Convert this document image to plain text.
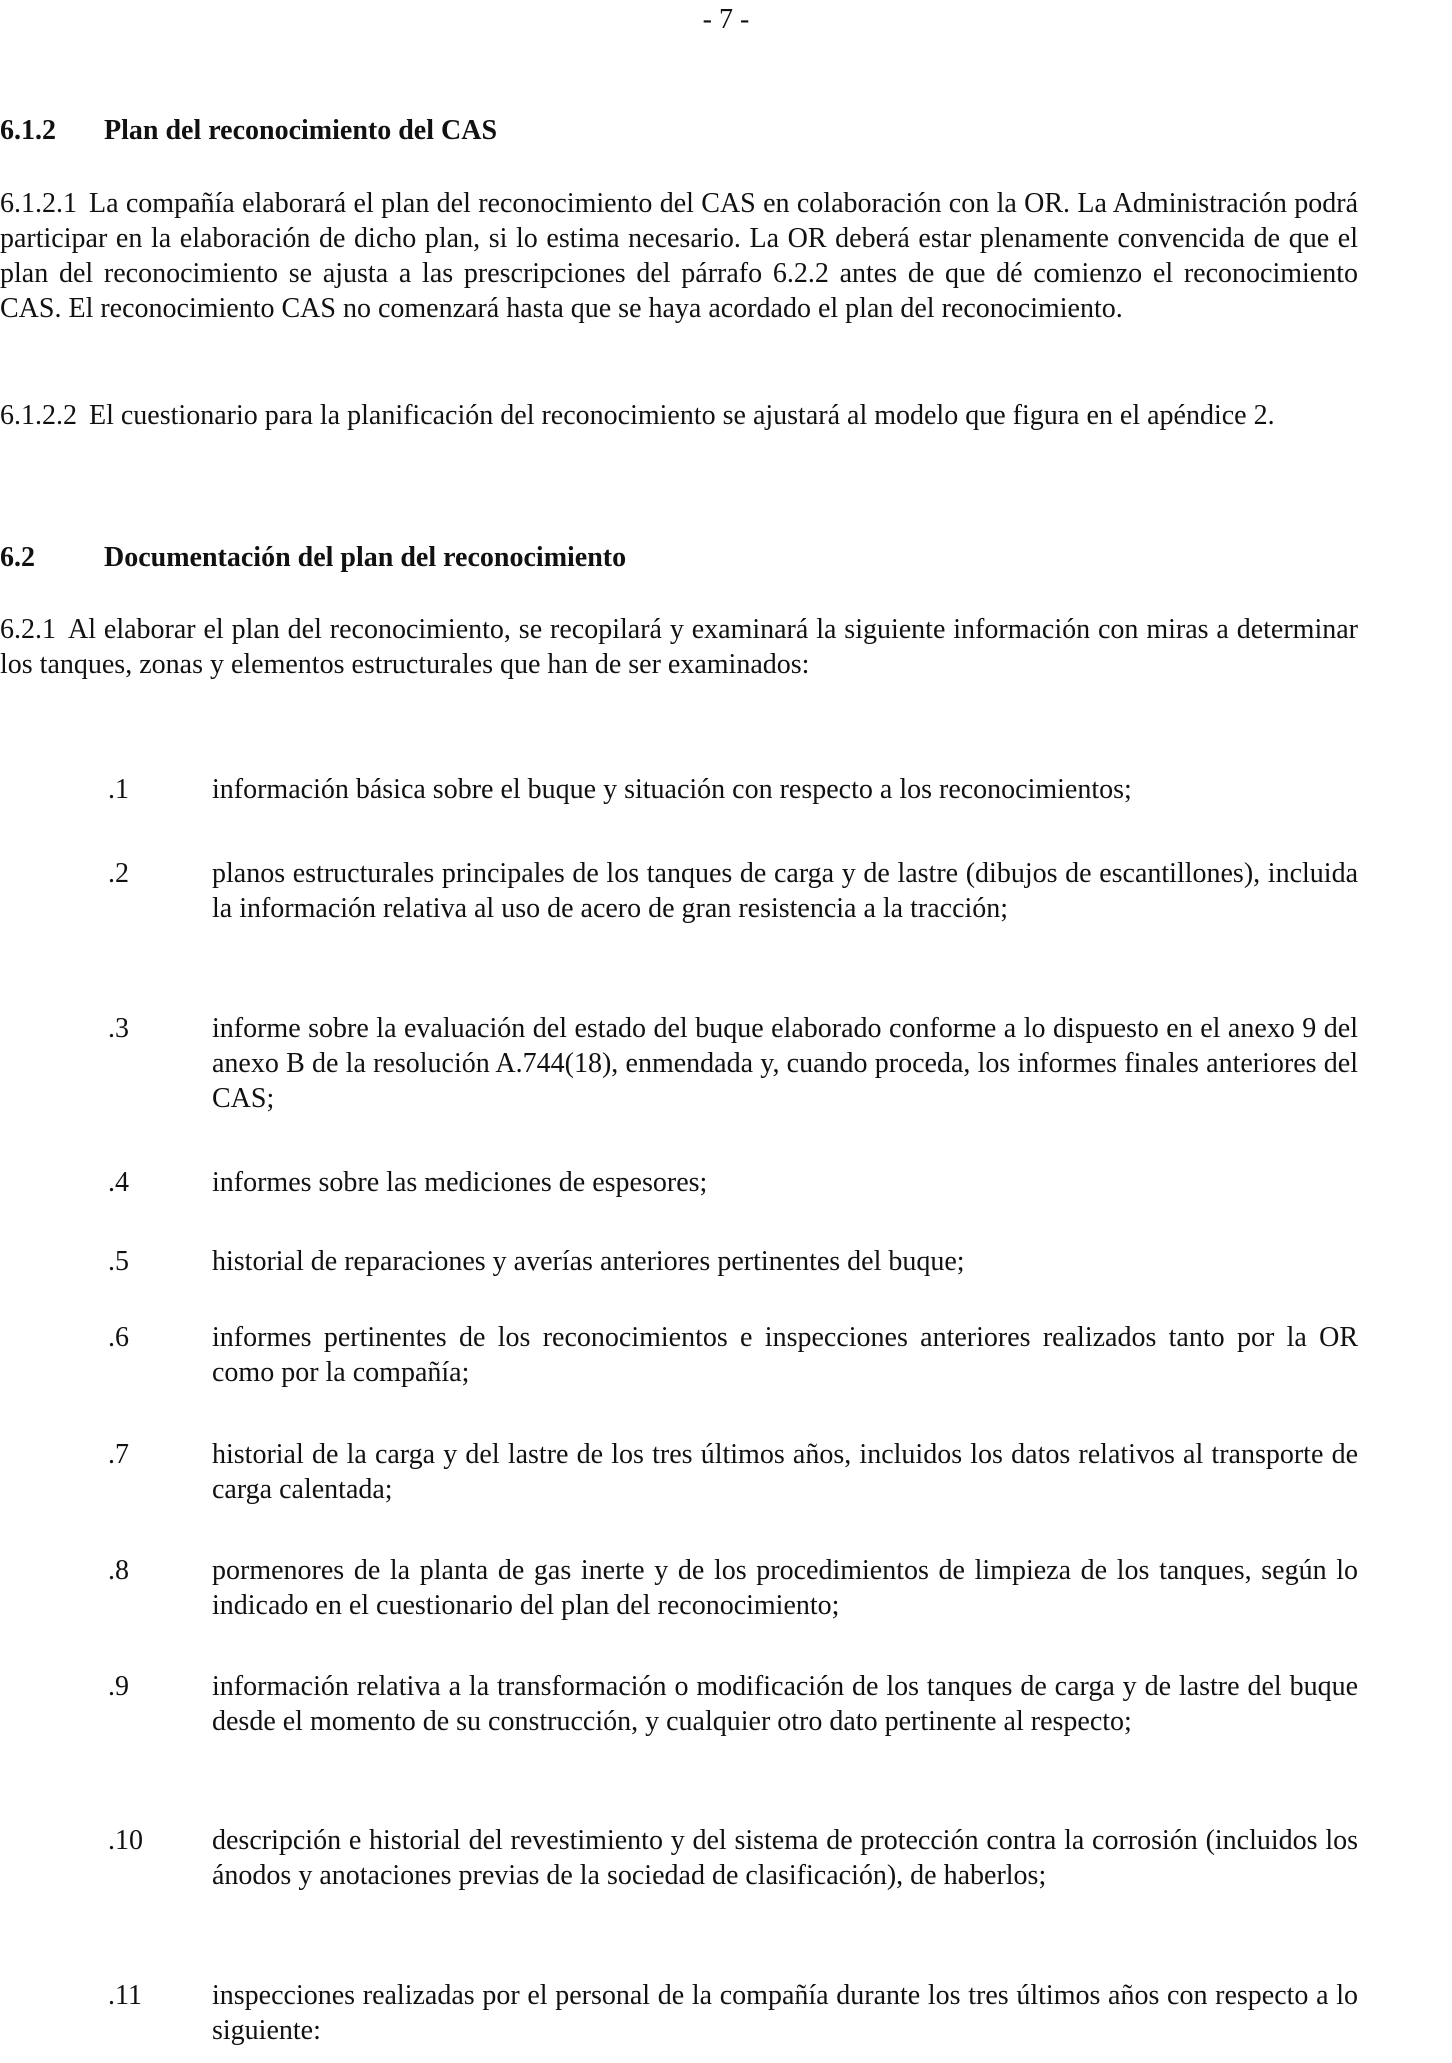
- 7 -
6.1.2 Plan del reconocimiento del CAS
6.1.2.1 La compañía elaborará el plan del reconocimiento del CAS en colaboración con la OR. La Administración podrá participar en la elaboración de dicho plan, si lo estima necesario. La OR deberá estar plenamente convencida de que el plan del reconocimiento se ajusta a las prescripciones del párrafo 6.2.2 antes de que dé comienzo el reconocimiento CAS. El reconocimiento CAS no comenzará hasta que se haya acordado el plan del reconocimiento.
6.1.2.2 El cuestionario para la planificación del reconocimiento se ajustará al modelo que figura en el apéndice 2.
6.2 Documentación del plan del reconocimiento
6.2.1 Al elaborar el plan del reconocimiento, se recopilará y examinará la siguiente información con miras a determinar los tanques, zonas y elementos estructurales que han de ser examinados:
.1	información básica sobre el buque y situación con respecto a los reconocimientos;
.2	planos estructurales principales de los tanques de carga y de lastre (dibujos de escantillones), incluida la información relativa al uso de acero de gran resistencia a la tracción;
.3	informe sobre la evaluación del estado del buque elaborado conforme a lo dispuesto en el anexo 9 del anexo B de la resolución A.744(18), enmendada y, cuando proceda, los informes finales anteriores del CAS;
.4	informes sobre las mediciones de espesores;
.5	historial de reparaciones y averías anteriores pertinentes del buque;
.6	informes pertinentes de los reconocimientos e inspecciones anteriores realizados tanto por la OR como por la compañía;
.7	historial de la carga y del lastre de los tres últimos años, incluidos los datos relativos al transporte de carga calentada;
.8	pormenores de la planta de gas inerte y de los procedimientos de limpieza de los tanques, según lo indicado en el cuestionario del plan del reconocimiento;
.9	información relativa a la transformación o modificación de los tanques de carga y de lastre del buque desde el momento de su construcción, y cualquier otro dato pertinente al respecto;
.10	descripción e historial del revestimiento y del sistema de protección contra la corrosión (incluidos los ánodos y anotaciones previas de la sociedad de clasificación), de haberlos;
.11	inspecciones realizadas por el personal de la compañía durante los tres últimos años con respecto a lo siguiente:
